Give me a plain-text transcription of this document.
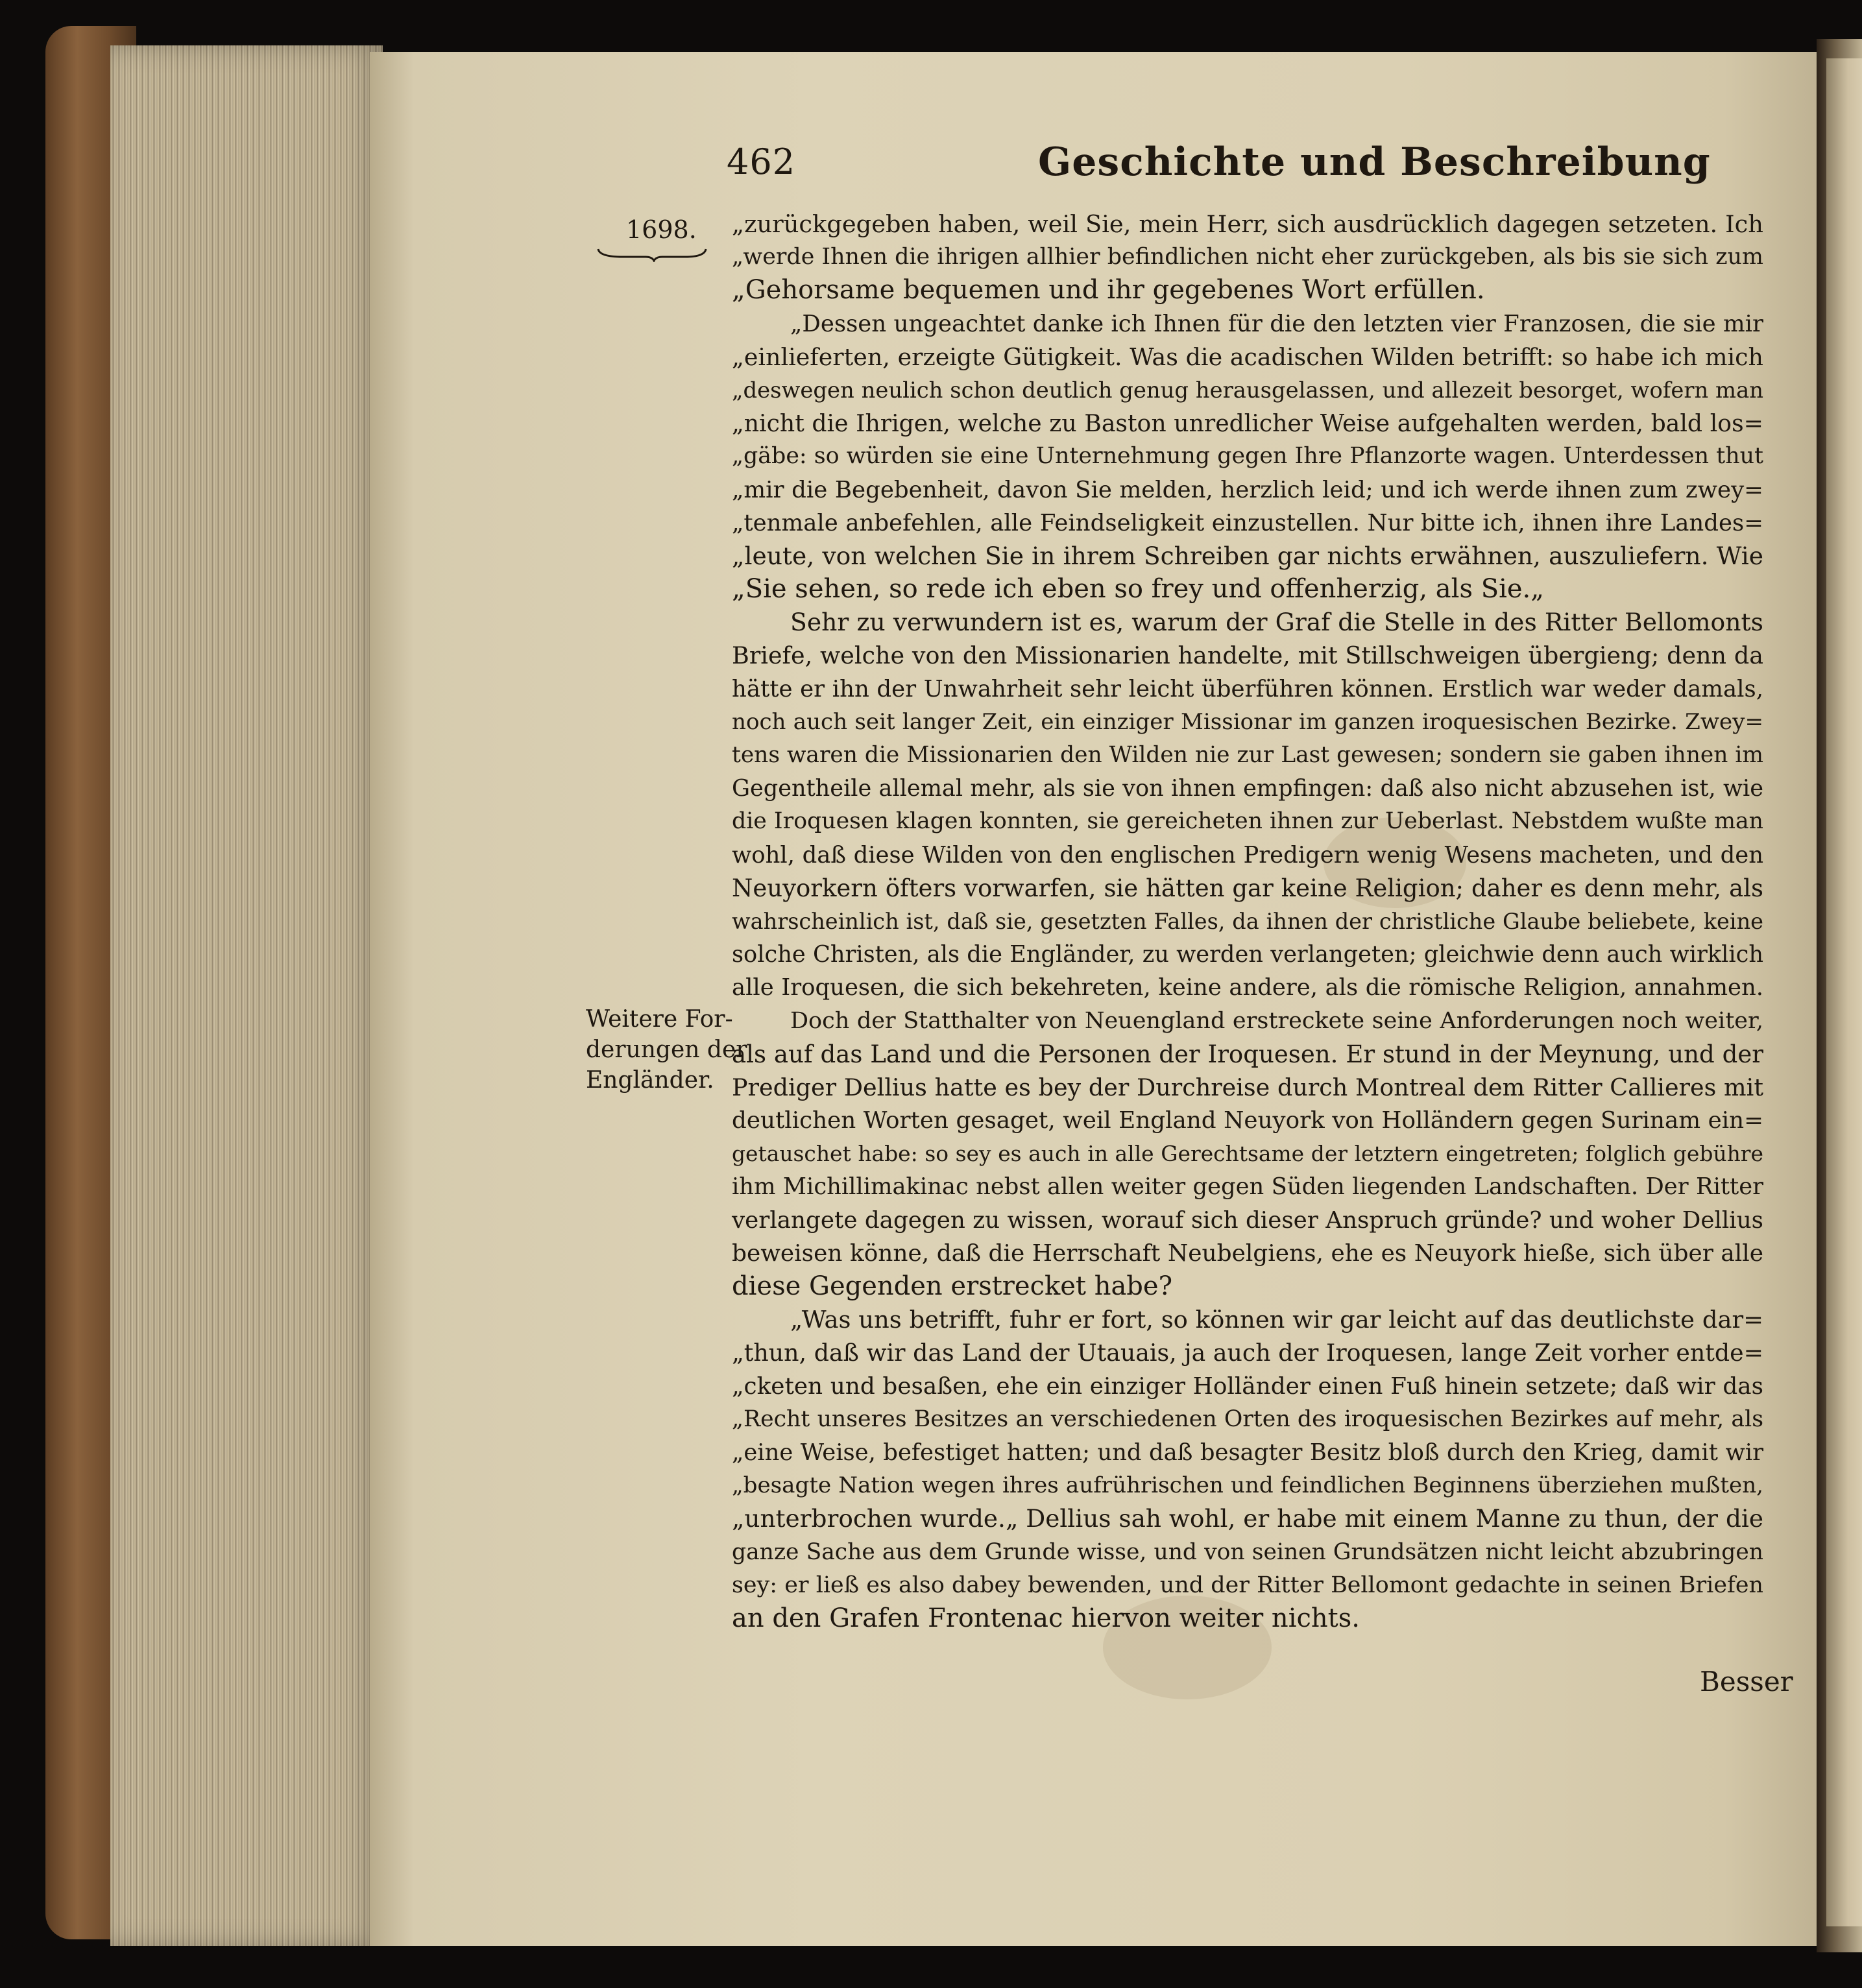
462	Geschichte und Beschreibung
1698.
Weitere For-
derungen der
Engländer.
„zurückgegeben haben, weil Sie, mein Herr, sich ausdrücklich dagegen setzeten. Ich
„werde Ihnen die ihrigen allhier befindlichen nicht eher zurückgeben, als bis sie sich zum
„Gehorsame bequemen und ihr gegebenes Wort erfüllen.
„Dessen ungeachtet danke ich Ihnen für die den letzten vier Franzosen, die sie mir
„einlieferten, erzeigte Gütigkeit. Was die acadischen Wilden betrifft: so habe ich mich
„deswegen neulich schon deutlich genug herausgelassen, und allezeit besorget, wofern man
„nicht die Ihrigen, welche zu Baston unredlicher Weise aufgehalten werden, bald los=
„gäbe: so würden sie eine Unternehmung gegen Ihre Pflanzorte wagen. Unterdessen thut
„mir die Begebenheit, davon Sie melden, herzlich leid; und ich werde ihnen zum zwey=
„tenmale anbefehlen, alle Feindseligkeit einzustellen. Nur bitte ich, ihnen ihre Landes=
„leute, von welchen Sie in ihrem Schreiben gar nichts erwähnen, auszuliefern. Wie
„Sie sehen, so rede ich eben so frey und offenherzig, als Sie.„
Sehr zu verwundern ist es, warum der Graf die Stelle in des Ritter Bellomonts
Briefe, welche von den Missionarien handelte, mit Stillschweigen übergieng; denn da
hätte er ihn der Unwahrheit sehr leicht überführen können. Erstlich war weder damals,
noch auch seit langer Zeit, ein einziger Missionar im ganzen iroquesischen Bezirke. Zwey=
tens waren die Missionarien den Wilden nie zur Last gewesen; sondern sie gaben ihnen im
Gegentheile allemal mehr, als sie von ihnen empfingen: daß also nicht abzusehen ist, wie
die Iroquesen klagen konnten, sie gereicheten ihnen zur Ueberlast. Nebstdem wußte man
wohl, daß diese Wilden von den englischen Predigern wenig Wesens macheten, und den
Neuyorkern öfters vorwarfen, sie hätten gar keine Religion; daher es denn mehr, als
wahrscheinlich ist, daß sie, gesetzten Falles, da ihnen der christliche Glaube beliebete, keine
solche Christen, als die Engländer, zu werden verlangeten; gleichwie denn auch wirklich
alle Iroquesen, die sich bekehreten, keine andere, als die römische Religion, annahmen.
Doch der Statthalter von Neuengland erstreckete seine Anforderungen noch weiter,
als auf das Land und die Personen der Iroquesen. Er stund in der Meynung, und der
Prediger Dellius hatte es bey der Durchreise durch Montreal dem Ritter Callieres mit
deutlichen Worten gesaget, weil England Neuyork von Holländern gegen Surinam ein=
getauschet habe: so sey es auch in alle Gerechtsame der letztern eingetreten; folglich gebühre
ihm Michillimakinac nebst allen weiter gegen Süden liegenden Landschaften. Der Ritter
verlangete dagegen zu wissen, worauf sich dieser Anspruch gründe? und woher Dellius
beweisen könne, daß die Herrschaft Neubelgiens, ehe es Neuyork hieße, sich über alle
diese Gegenden erstrecket habe?
„Was uns betrifft, fuhr er fort, so können wir gar leicht auf das deutlichste dar=
„thun, daß wir das Land der Utauais, ja auch der Iroquesen, lange Zeit vorher entde=
„cketen und besaßen, ehe ein einziger Holländer einen Fuß hinein setzete; daß wir das
„Recht unseres Besitzes an verschiedenen Orten des iroquesischen Bezirkes auf mehr, als
„eine Weise, befestiget hatten; und daß besagter Besitz bloß durch den Krieg, damit wir
„besagte Nation wegen ihres aufrührischen und feindlichen Beginnens überziehen mußten,
„unterbrochen wurde.„ Dellius sah wohl, er habe mit einem Manne zu thun, der die
ganze Sache aus dem Grunde wisse, und von seinen Grundsätzen nicht leicht abzubringen
sey: er ließ es also dabey bewenden, und der Ritter Bellomont gedachte in seinen Briefen
an den Grafen Frontenac hiervon weiter nichts.
Besser
